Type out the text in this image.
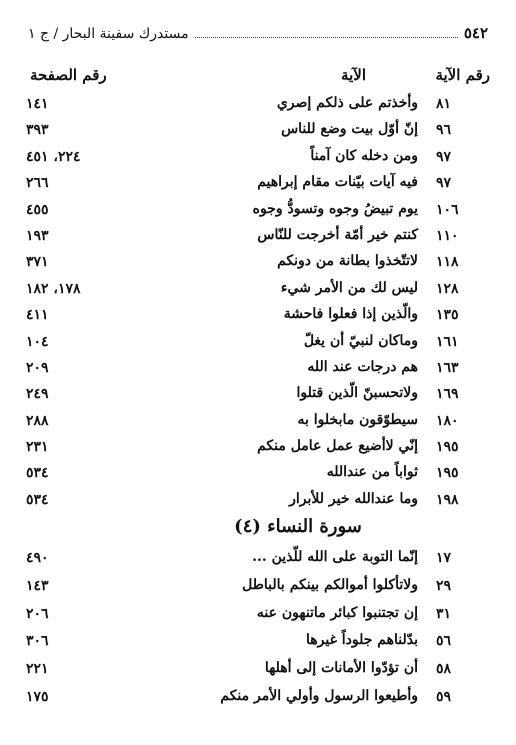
٥٤٢
مستدرك سفينة البحار / ج ١
رقم الآية
الآية
رقم الصفحة
٨١
وأخذتم على ذلكم إصري
١٤١
٩٦
إنّ أوّل بيت وضع للناس
٣٩٣
٩٧
ومن دخله كان آمناً
٢٢٤، ٤٥١
٩٧
فيه آيات بيّنات مقام إبراهيم
٢٦٦
١٠٦
يوم تبيضُ وجوه وتسودُّ وجوه
٤٥٥
١١٠
كنتم خير أمّة أخرجت للنّاس
١٩٣
١١٨
لاتتّخذوا بطانة من دونكم
٣٧١
١٢٨
ليس لك من الأمر شيء
١٧٨، ١٨٢
١٣٥
والّذين إذا فعلوا فاحشة
٤١١
١٦١
وماكان لنبيّ أن يغلّ
١٠٤
١٦٣
هم درجات عند الله
٢٠٩
١٦٩
ولاتحسبنّ الّذين قتلوا
٢٤٩
١٨٠
سيطوّقون مابخلوا به
٢٨٨
١٩٥
إنّي لاأضيع عمل عامل منكم
٢٣١
١٩٥
ثواباً من عندالله
٥٣٤
١٩٨
وما عندالله خير للأبرار
٥٣٤
سورة النساء (٤)
١٧
إنّما التوبة على الله للّذين ...
٤٩٠
٢٩
ولاتأكلوا أموالكم بينكم بالباطل
١٤٣
٣١
إن تجتنبوا كبائر ماتنهون عنه
٢٠٦
٥٦
بدّلناهم جلوداً غيرها
٣٠٦
٥٨
أن تؤدّوا الأمانات إلى أهلها
٢٢١
٥٩
وأطيعوا الرسول وأولي الأمر منكم
١٧٥
